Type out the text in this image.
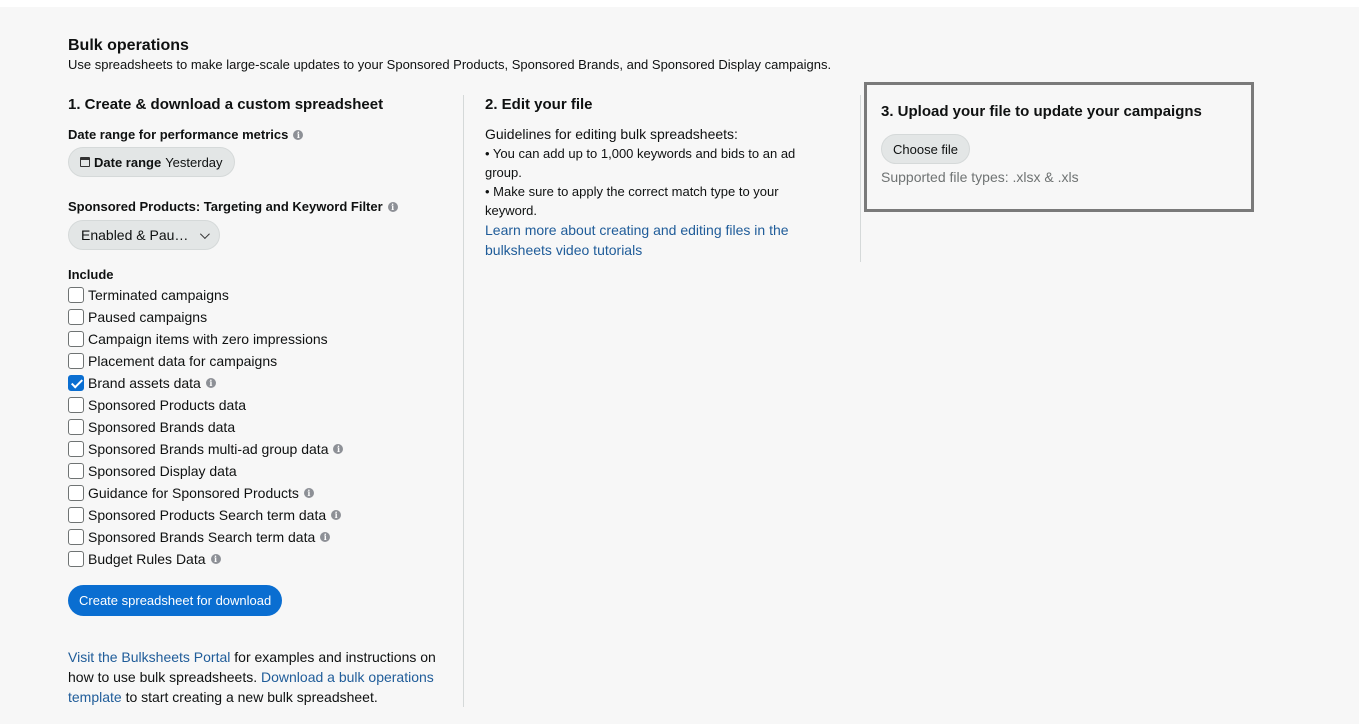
Bulk operations

Use spreadsheets to make large-scale updates to your Sponsored Products, Sponsored Brands, and Sponsored Display campaigns.

1. Create & download a custom spreadsheet
Date range for performance metrics	i
Date range Yesterday
Sponsored Products: Targeting and Keyword Filter	i
Enabled & Pau…
Include
Terminated campaigns
Paused campaigns
Campaign items with zero impressions
Placement data for campaigns
Brand assets data	i
Sponsored Products data
Sponsored Brands data
Sponsored Brands multi-ad group data	i
Sponsored Display data
Guidance for Sponsored Products	i
Sponsored Products Search term data	i
Sponsored Brands Search term data	i
Budget Rules Data	i
Create spreadsheet for download

Visit the Bulksheets Portal for examples and instructions on how to use bulk spreadsheets. Download a bulk operations template to start creating a new bulk spreadsheet.

2. Edit your file
Guidelines for editing bulk spreadsheets:
• You can add up to 1,000 keywords and bids to an ad group.
• Make sure to apply the correct match type to your keyword.
Learn more about creating and editing files in the bulksheets video tutorials
3. Upload your file to update your campaigns
Choose file
Supported file types: .xlsx & .xls
